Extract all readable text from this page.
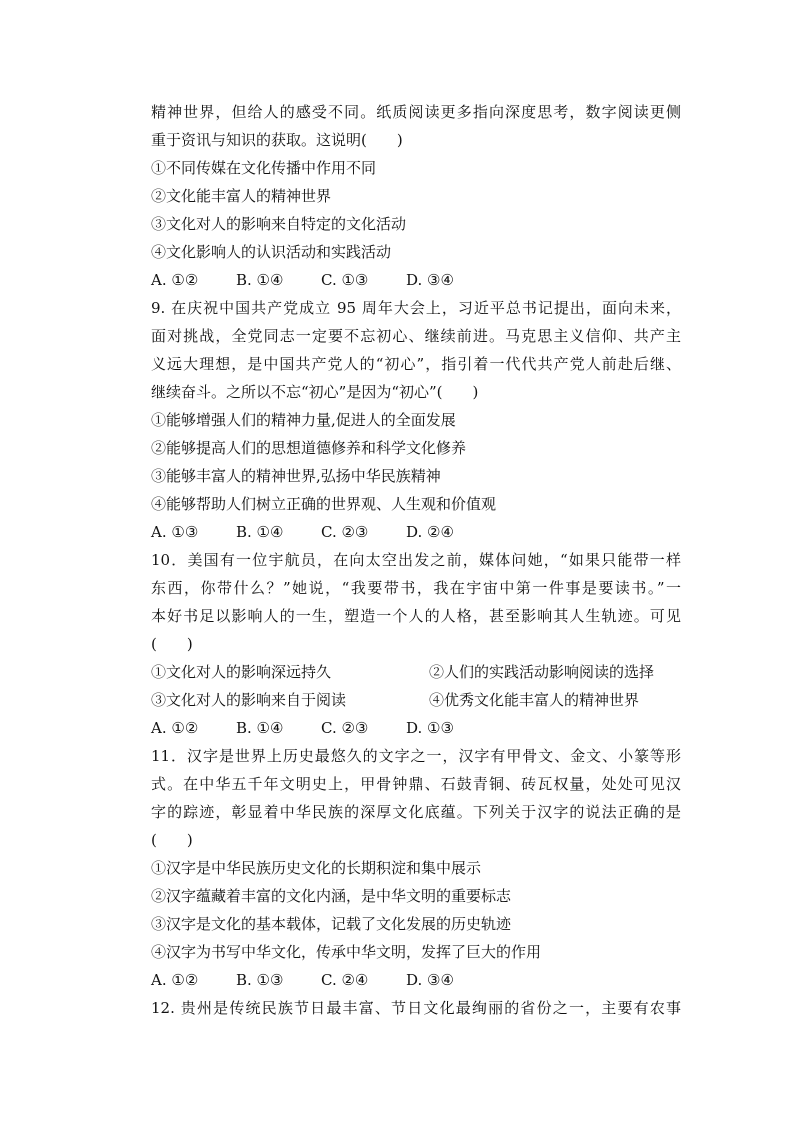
精神世界，但给人的感受不同。纸质阅读更多指向深度思考，数字阅读更侧
重于资讯与知识的获取。这说明(　　)
①不同传媒在文化传播中作用不同
②文化能丰富人的精神世界
③文化对人的影响来自特定的文化活动
④文化影响人的认识活动和实践活动
A. ①②	B. ①④	C. ①③	D. ③④
9. 在庆祝中国共产党成立 95 周年大会上，习近平总书记提出，面向未来，
面对挑战，全党同志一定要不忘初心、继续前进。马克思主义信仰、共产主
义远大理想，是中国共产党人的“初心”，指引着一代代共产党人前赴后继、
继续奋斗。之所以不忘“初心”是因为“初心”(　　)
①能够增强人们的精神力量,促进人的全面发展
②能够提高人们的思想道德修养和科学文化修养
③能够丰富人的精神世界,弘扬中华民族精神
④能够帮助人们树立正确的世界观、人生观和价值观
A. ①③	B. ①④	C. ②③	D. ②④
10．美国有一位宇航员，在向太空出发之前，媒体问她，“如果只能带一样
东西，你带什么？”她说，“我要带书，我在宇宙中第一件事是要读书。”一
本好书足以影响人的一生，塑造一个人的人格，甚至影响其人生轨迹。可见
(　　)
①文化对人的影响深远持久	②人们的实践活动影响阅读的选择
③文化对人的影响来自于阅读	④优秀文化能丰富人的精神世界
A. ①②	B. ①④	C. ②③	D. ①③
11．汉字是世界上历史最悠久的文字之一，汉字有甲骨文、金文、小篆等形
式。在中华五千年文明史上，甲骨钟鼎、石鼓青铜、砖瓦权量，处处可见汉
字的踪迹，彰显着中华民族的深厚文化底蕴。下列关于汉字的说法正确的是
(　　)
①汉字是中华民族历史文化的长期积淀和集中展示
②汉字蕴藏着丰富的文化内涵，是中华文明的重要标志
③汉字是文化的基本载体，记载了文化发展的历史轨迹
④汉字为书写中华文化，传承中华文明，发挥了巨大的作用
A. ①②	B. ①③	C. ②④	D. ③④
12. 贵州是传统民族节日最丰富、节日文化最绚丽的省份之一，主要有农事
